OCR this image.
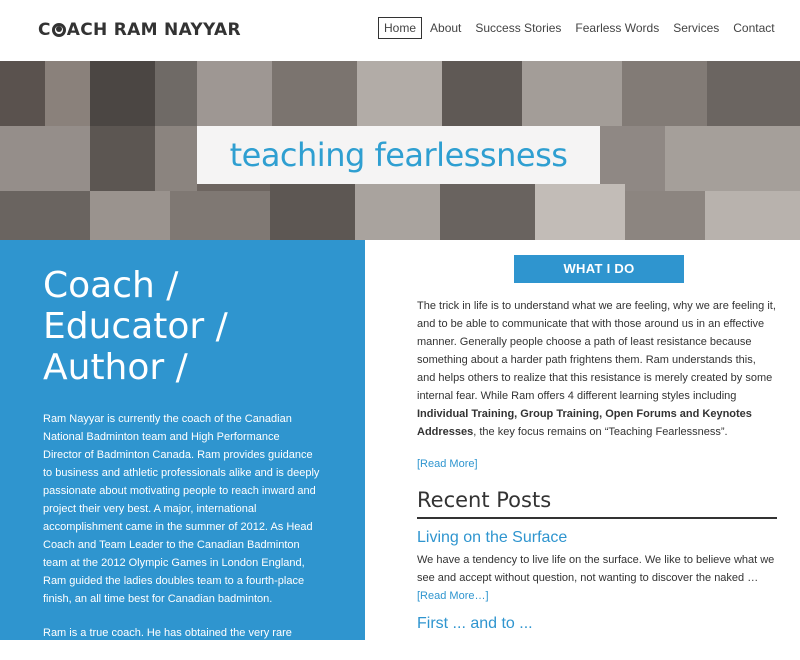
C ACH RAM NAYYAR	Home	About	Success Stories	Fearless Words	Services	Contact
teaching fearlessness
Coach /
Educator /
Author /

Ram Nayyar is currently the coach of the Canadian National Badminton team and High Performance Director of Badminton Canada. Ram provides guidance to business and athletic professionals alike and is deeply passionate about motivating people to reach inward and project their very best. A major, international accomplishment came in the summer of 2012. As Head Coach and Team Leader to the Canadian Badminton team at the 2012 Olympic Games in London England, Ram guided the ladies doubles team to a fourth-place finish, an all time best for Canadian badminton.

Ram is a true coach. He has obtained the very rare Level

WHAT I DO

The trick in life is to understand what we are feeling, why we are feeling it, and to be able to communicate that with those around us in an effective manner. Generally people choose a path of least resistance because something about a harder path frightens them. Ram understands this, and helps others to realize that this resistance is merely created by some internal fear. While Ram offers 4 different learning styles including Individual Training, Group Training, Open Forums and Keynotes Addresses, the key focus remains on “Teaching Fearlessness”.

[Read More]
Recent Posts
Living on the Surface

We have a tendency to live life on the surface. We like to believe what we see and accept without question, not wanting to discover the naked …
[Read More…]

First ... and to ...
